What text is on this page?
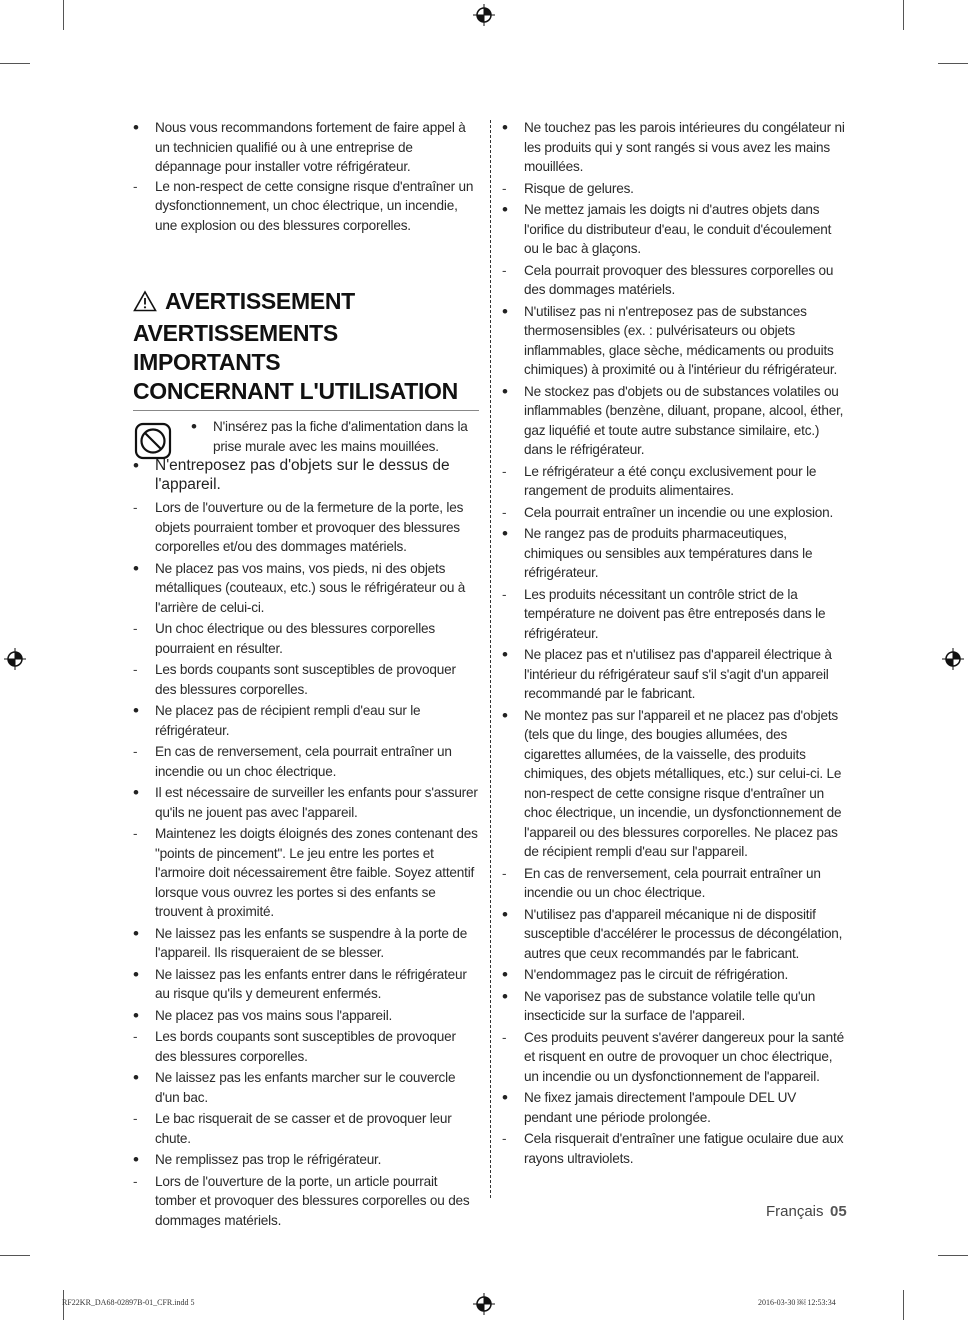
•
Nous vous recommandons fortement de faire appel à un technicien qualifié ou à une entreprise de dépannage pour installer votre réfrigérateur.
-
Le non-respect de cette consigne risque d'entraîner un dysfonctionnement, un choc électrique, un incendie, une explosion ou des blessures corporelles.
AVERTISSEMENT
AVERTISSEMENTS IMPORTANTS
CONCERNANT L'UTILISATION
•
N'insérez pas la fiche d'alimentation dans la prise murale avec les mains mouillées.
•
N'entreposez pas d'objets sur le dessus de l'appareil.
-
Lors de l'ouverture ou de la fermeture de la porte, les objets pourraient tomber et provoquer des blessures corporelles et/ou des dommages matériels.
•
Ne placez pas vos mains, vos pieds, ni des objets métalliques (couteaux, etc.) sous le réfrigérateur ou à l'arrière de celui-ci.
-
Un choc électrique ou des blessures corporelles pourraient en résulter.
-
Les bords coupants sont susceptibles de provoquer des blessures corporelles.
•
Ne placez pas de récipient rempli d'eau sur le réfrigérateur.
-
En cas de renversement, cela pourrait entraîner un incendie ou un choc électrique.
•
Il est nécessaire de surveiller les enfants pour s'assurer qu'ils ne jouent pas avec l'appareil.
-
Maintenez les doigts éloignés des zones contenant des "points de pincement". Le jeu entre les portes et l'armoire doit nécessairement être faible. Soyez attentif lorsque vous ouvrez les portes si des enfants se trouvent à proximité.
•
Ne laissez pas les enfants se suspendre à la porte de l'appareil. Ils risqueraient de se blesser.
•
Ne laissez pas les enfants entrer dans le réfrigérateur au risque qu'ils y demeurent enfermés.
•
Ne placez pas vos mains sous l'appareil.
-
Les bords coupants sont susceptibles de provoquer des blessures corporelles.
•
Ne laissez pas les enfants marcher sur le couvercle d'un bac.
-
Le bac risquerait de se casser et de provoquer leur chute.
•
Ne remplissez pas trop le réfrigérateur.
-
Lors de l'ouverture de la porte, un article pourrait tomber et provoquer des blessures corporelles ou des dommages matériels.
•
Ne touchez pas les parois intérieures du congélateur ni les produits qui y sont rangés si vous avez les mains mouillées.
-
Risque de gelures.
•
Ne mettez jamais les doigts ni d'autres objets dans l'orifice du distributeur d'eau, le conduit d'écoulement ou le bac à glaçons.
-
Cela pourrait provoquer des blessures corporelles ou des dommages matériels.
•
N'utilisez pas ni n'entreposez pas de substances thermosensibles (ex. : pulvérisateurs ou objets inflammables, glace sèche, médicaments ou produits chimiques) à proximité ou à l'intérieur du réfrigérateur.
•
Ne stockez pas d'objets ou de substances volatiles ou inflammables (benzène, diluant, propane, alcool, éther, gaz liquéfié et toute autre substance similaire, etc.) dans le réfrigérateur.
-
Le réfrigérateur a été conçu exclusivement pour le rangement de produits alimentaires.
-
Cela pourrait entraîner un incendie ou une explosion.
•
Ne rangez pas de produits pharmaceutiques, chimiques ou sensibles aux températures dans le réfrigérateur.
-
Les produits nécessitant un contrôle strict de la température ne doivent pas être entreposés dans le réfrigérateur.
•
Ne placez pas et n'utilisez pas d'appareil électrique à l'intérieur du réfrigérateur sauf s'il s'agit d'un appareil recommandé par le fabricant.
•
Ne montez pas sur l'appareil et ne placez pas d'objets (tels que du linge, des bougies allumées, des cigarettes allumées, de la vaisselle, des produits chimiques, des objets métalliques, etc.) sur celui-ci. Le non-respect de cette consigne risque d'entraîner un choc électrique, un incendie, un dysfonctionnement de l'appareil ou des blessures corporelles. Ne placez pas de récipient rempli d'eau sur l'appareil.
-
En cas de renversement, cela pourrait entraîner un incendie ou un choc électrique.
•
N'utilisez pas d'appareil mécanique ni de dispositif susceptible d'accélérer le processus de décongélation, autres que ceux recommandés par le fabricant.
•
N'endommagez pas le circuit de réfrigération.
•
Ne vaporisez pas de substance volatile telle qu'un insecticide sur la surface de l'appareil.
-
Ces produits peuvent s'avérer dangereux pour la santé et risquent en outre de provoquer un choc électrique, un incendie ou un dysfonctionnement de l'appareil.
•
Ne fixez jamais directement l'ampoule DEL UV pendant une période prolongée.
-
Cela risquerait d'entraîner une fatigue oculaire due aux rayons ultraviolets.
Français 05
RF22KR_DA68-02897B-01_CFR.indd 5	2016-03-30 ￼ 12:53:34
